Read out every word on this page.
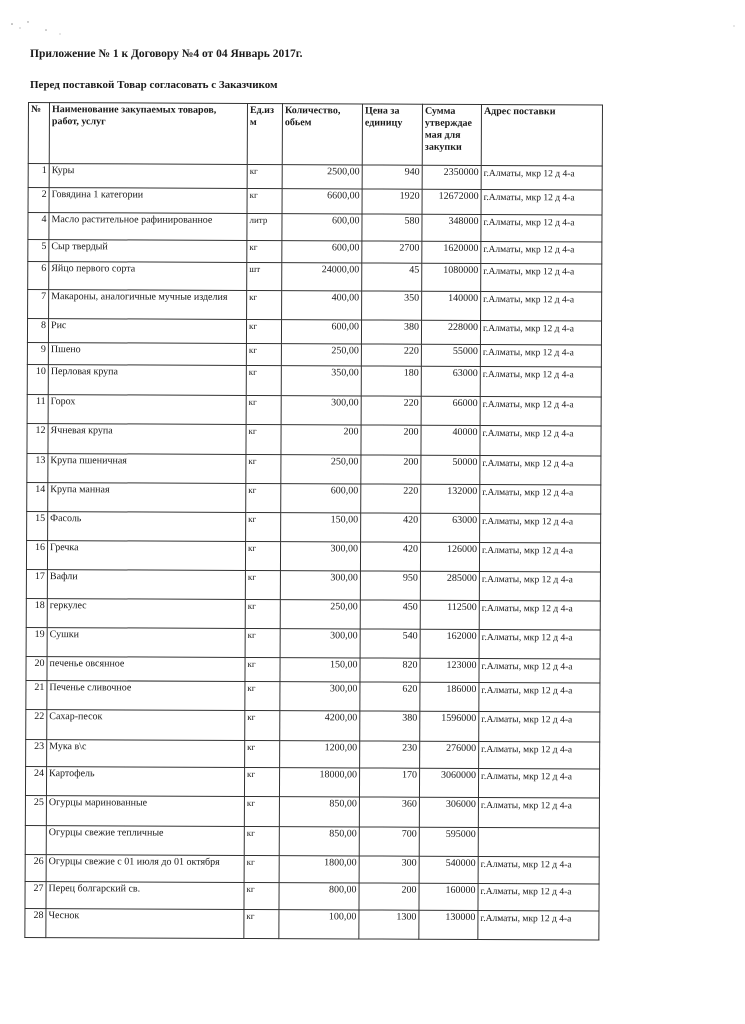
Приложение № 1 к Договору №4 от 04 Январь 2017г.
Перед поставкой Товар согласовать с Заказчиком
№	Наименование закупаемых товаров, работ, услуг	Ед.из м	Количество, обьем	Цена за единицу	Сумма утверждае мая для закупки	Адрес поставки
1	Куры	кг	2500,00	940	2350000	г.Алматы, мкр 12 д 4-а
2	Говядина 1 категории	кг	6600,00	1920	12672000	г.Алматы, мкр 12 д 4-а
4	Масло растительное рафинированное	литр	600,00	580	348000	г.Алматы, мкр 12 д 4-а
5	Сыр твердый	кг	600,00	2700	1620000	г.Алматы, мкр 12 д 4-а
6	Яйцо первого сорта	шт	24000,00	45	1080000	г.Алматы, мкр 12 д 4-а
7	Макароны, аналогичные мучные изделия	кг	400,00	350	140000	г.Алматы, мкр 12 д 4-а
8	Рис	кг	600,00	380	228000	г.Алматы, мкр 12 д 4-а
9	Пшено	кг	250,00	220	55000	г.Алматы, мкр 12 д 4-а
10	Перловая крупа	кг	350,00	180	63000	г.Алматы, мкр 12 д 4-а
11	Горох	кг	300,00	220	66000	г.Алматы, мкр 12 д 4-а
12	Ячневая крупа	кг	200	200	40000	г.Алматы, мкр 12 д 4-а
13	Крупа пшеничная	кг	250,00	200	50000	г.Алматы, мкр 12 д 4-а
14	Крупа манная	кг	600,00	220	132000	г.Алматы, мкр 12 д 4-а
15	Фасоль	кг	150,00	420	63000	г.Алматы, мкр 12 д 4-а
16	Гречка	кг	300,00	420	126000	г.Алматы, мкр 12 д 4-а
17	Вафли	кг	300,00	950	285000	г.Алматы, мкр 12 д 4-а
18	геркулес	кг	250,00	450	112500	г.Алматы, мкр 12 д 4-а
19	Сушки	кг	300,00	540	162000	г.Алматы, мкр 12 д 4-а
20	печенье овсянное	кг	150,00	820	123000	г.Алматы, мкр 12 д 4-а
21	Печенье сливочное	кг	300,00	620	186000	г.Алматы, мкр 12 д 4-а
22	Сахар-песок	кг	4200,00	380	1596000	г.Алматы, мкр 12 д 4-а
23	Мука в\с	кг	1200,00	230	276000	г.Алматы, мкр 12 д 4-а
24	Картофель	кг	18000,00	170	3060000	г.Алматы, мкр 12 д 4-а
25	Огурцы маринованные	кг	850,00	360	306000	г.Алматы, мкр 12 д 4-а
	Огурцы свежие тепличные	кг	850,00	700	595000	
26	Огурцы свежие с 01 июля до 01 октября	кг	1800,00	300	540000	г.Алматы, мкр 12 д 4-а
27	Перец болгарский св.	кг	800,00	200	160000	г.Алматы, мкр 12 д 4-а
28	Чеснок	кг	100,00	1300	130000	г.Алматы, мкр 12 д 4-а
